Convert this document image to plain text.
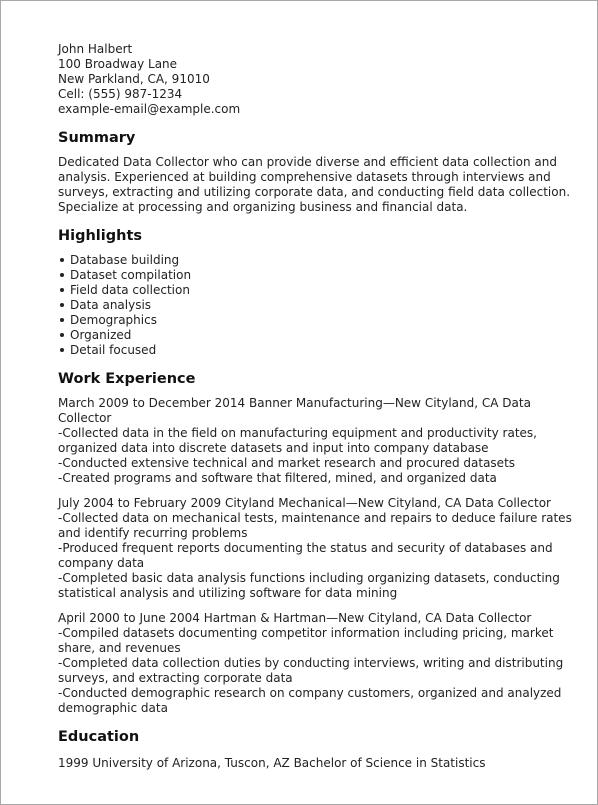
John Halbert
100 Broadway Lane
New Parkland, CA, 91010
Cell: (555) 987-1234
example-email@example.com
Summary

Dedicated Data Collector who can provide diverse and efficient data collection and analysis. Experienced at building comprehensive datasets through interviews and surveys, extracting and utilizing corporate data, and conducting field data collection. Specialize at processing and organizing business and financial data.

Highlights
Database building
Dataset compilation
Field data collection
Data analysis
Demographics
Organized
Detail focused
Work Experience
March 2009 to December 2014 Banner Manufacturing—New Cityland, CA Data Collector
-Collected data in the field on manufacturing equipment and productivity rates, organized data into discrete datasets and input into company database
-Conducted extensive technical and market research and procured datasets
-Created programs and software that filtered, mined, and organized data
July 2004 to February 2009 Cityland Mechanical—New Cityland, CA Data Collector
-Collected data on mechanical tests, maintenance and repairs to deduce failure rates and identify recurring problems
-Produced frequent reports documenting the status and security of databases and company data
-Completed basic data analysis functions including organizing datasets, conducting statistical analysis and utilizing software for data mining
April 2000 to June 2004 Hartman & Hartman—New Cityland, CA Data Collector
-Compiled datasets documenting competitor information including pricing, market share, and revenues
-Completed data collection duties by conducting interviews, writing and distributing surveys, and extracting corporate data
-Conducted demographic research on company customers, organized and analyzed demographic data
Education

1999 University of Arizona, Tuscon, AZ Bachelor of Science in Statistics
